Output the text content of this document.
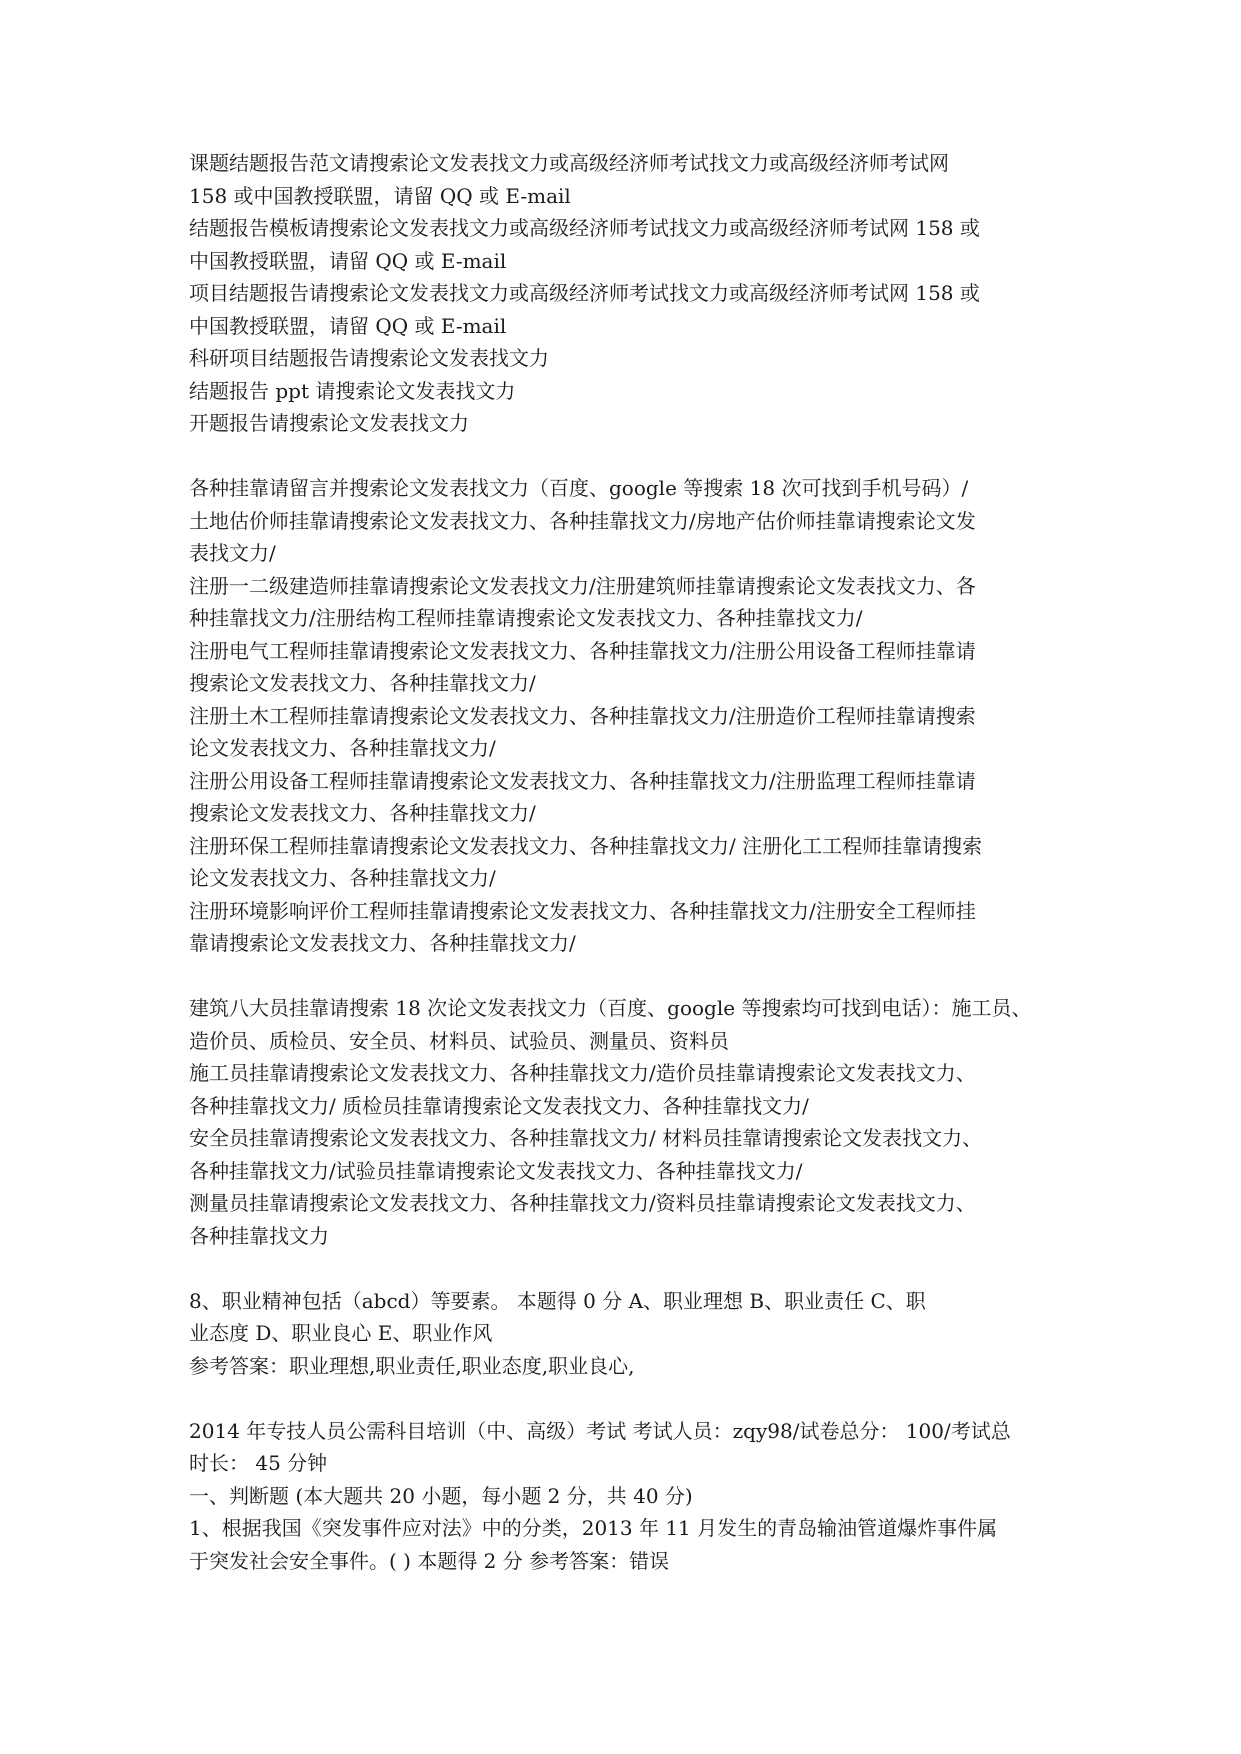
课题结题报告范文请搜索论文发表找文力或高级经济师考试找文力或高级经济师考试网
158 或中国教授联盟，请留 QQ 或 E-mail
结题报告模板请搜索论文发表找文力或高级经济师考试找文力或高级经济师考试网 158 或
中国教授联盟，请留 QQ 或 E-mail
项目结题报告请搜索论文发表找文力或高级经济师考试找文力或高级经济师考试网 158 或
中国教授联盟，请留 QQ 或 E-mail
科研项目结题报告请搜索论文发表找文力
结题报告 ppt 请搜索论文发表找文力
开题报告请搜索论文发表找文力
各种挂靠请留言并搜索论文发表找文力（百度、google 等搜索 18 次可找到手机号码）/
土地估价师挂靠请搜索论文发表找文力、各种挂靠找文力/房地产估价师挂靠请搜索论文发
表找文力/
注册一二级建造师挂靠请搜索论文发表找文力/注册建筑师挂靠请搜索论文发表找文力、各
种挂靠找文力/注册结构工程师挂靠请搜索论文发表找文力、各种挂靠找文力/
注册电气工程师挂靠请搜索论文发表找文力、各种挂靠找文力/注册公用设备工程师挂靠请
搜索论文发表找文力、各种挂靠找文力/
注册土木工程师挂靠请搜索论文发表找文力、各种挂靠找文力/注册造价工程师挂靠请搜索
论文发表找文力、各种挂靠找文力/
注册公用设备工程师挂靠请搜索论文发表找文力、各种挂靠找文力/注册监理工程师挂靠请
搜索论文发表找文力、各种挂靠找文力/
注册环保工程师挂靠请搜索论文发表找文力、各种挂靠找文力/ 注册化工工程师挂靠请搜索
论文发表找文力、各种挂靠找文力/
注册环境影响评价工程师挂靠请搜索论文发表找文力、各种挂靠找文力/注册安全工程师挂
靠请搜索论文发表找文力、各种挂靠找文力/
建筑八大员挂靠请搜索 18 次论文发表找文力（百度、google 等搜索均可找到电话）：施工员、
造价员、质检员、安全员、材料员、试验员、测量员、资料员
施工员挂靠请搜索论文发表找文力、各种挂靠找文力/造价员挂靠请搜索论文发表找文力、
各种挂靠找文力/ 质检员挂靠请搜索论文发表找文力、各种挂靠找文力/
安全员挂靠请搜索论文发表找文力、各种挂靠找文力/ 材料员挂靠请搜索论文发表找文力、
各种挂靠找文力/试验员挂靠请搜索论文发表找文力、各种挂靠找文力/
测量员挂靠请搜索论文发表找文力、各种挂靠找文力/资料员挂靠请搜索论文发表找文力、
各种挂靠找文力
8、职业精神包括（abcd）等要素。 本题得 0 分 A、职业理想 B、职业责任 C、职
业态度 D、职业良心 E、职业作风
参考答案：职业理想,职业责任,职业态度,职业良心,
2014 年专技人员公需科目培训（中、高级）考试 考试人员：zqy98/试卷总分： 100/考试总
时长： 45 分钟
一、判断题 (本大题共 20 小题，每小题 2 分，共 40 分)
1、根据我国《突发事件应对法》中的分类，2013 年 11 月发生的青岛输油管道爆炸事件属
于突发社会安全事件。( ) 本题得 2 分 参考答案：错误
